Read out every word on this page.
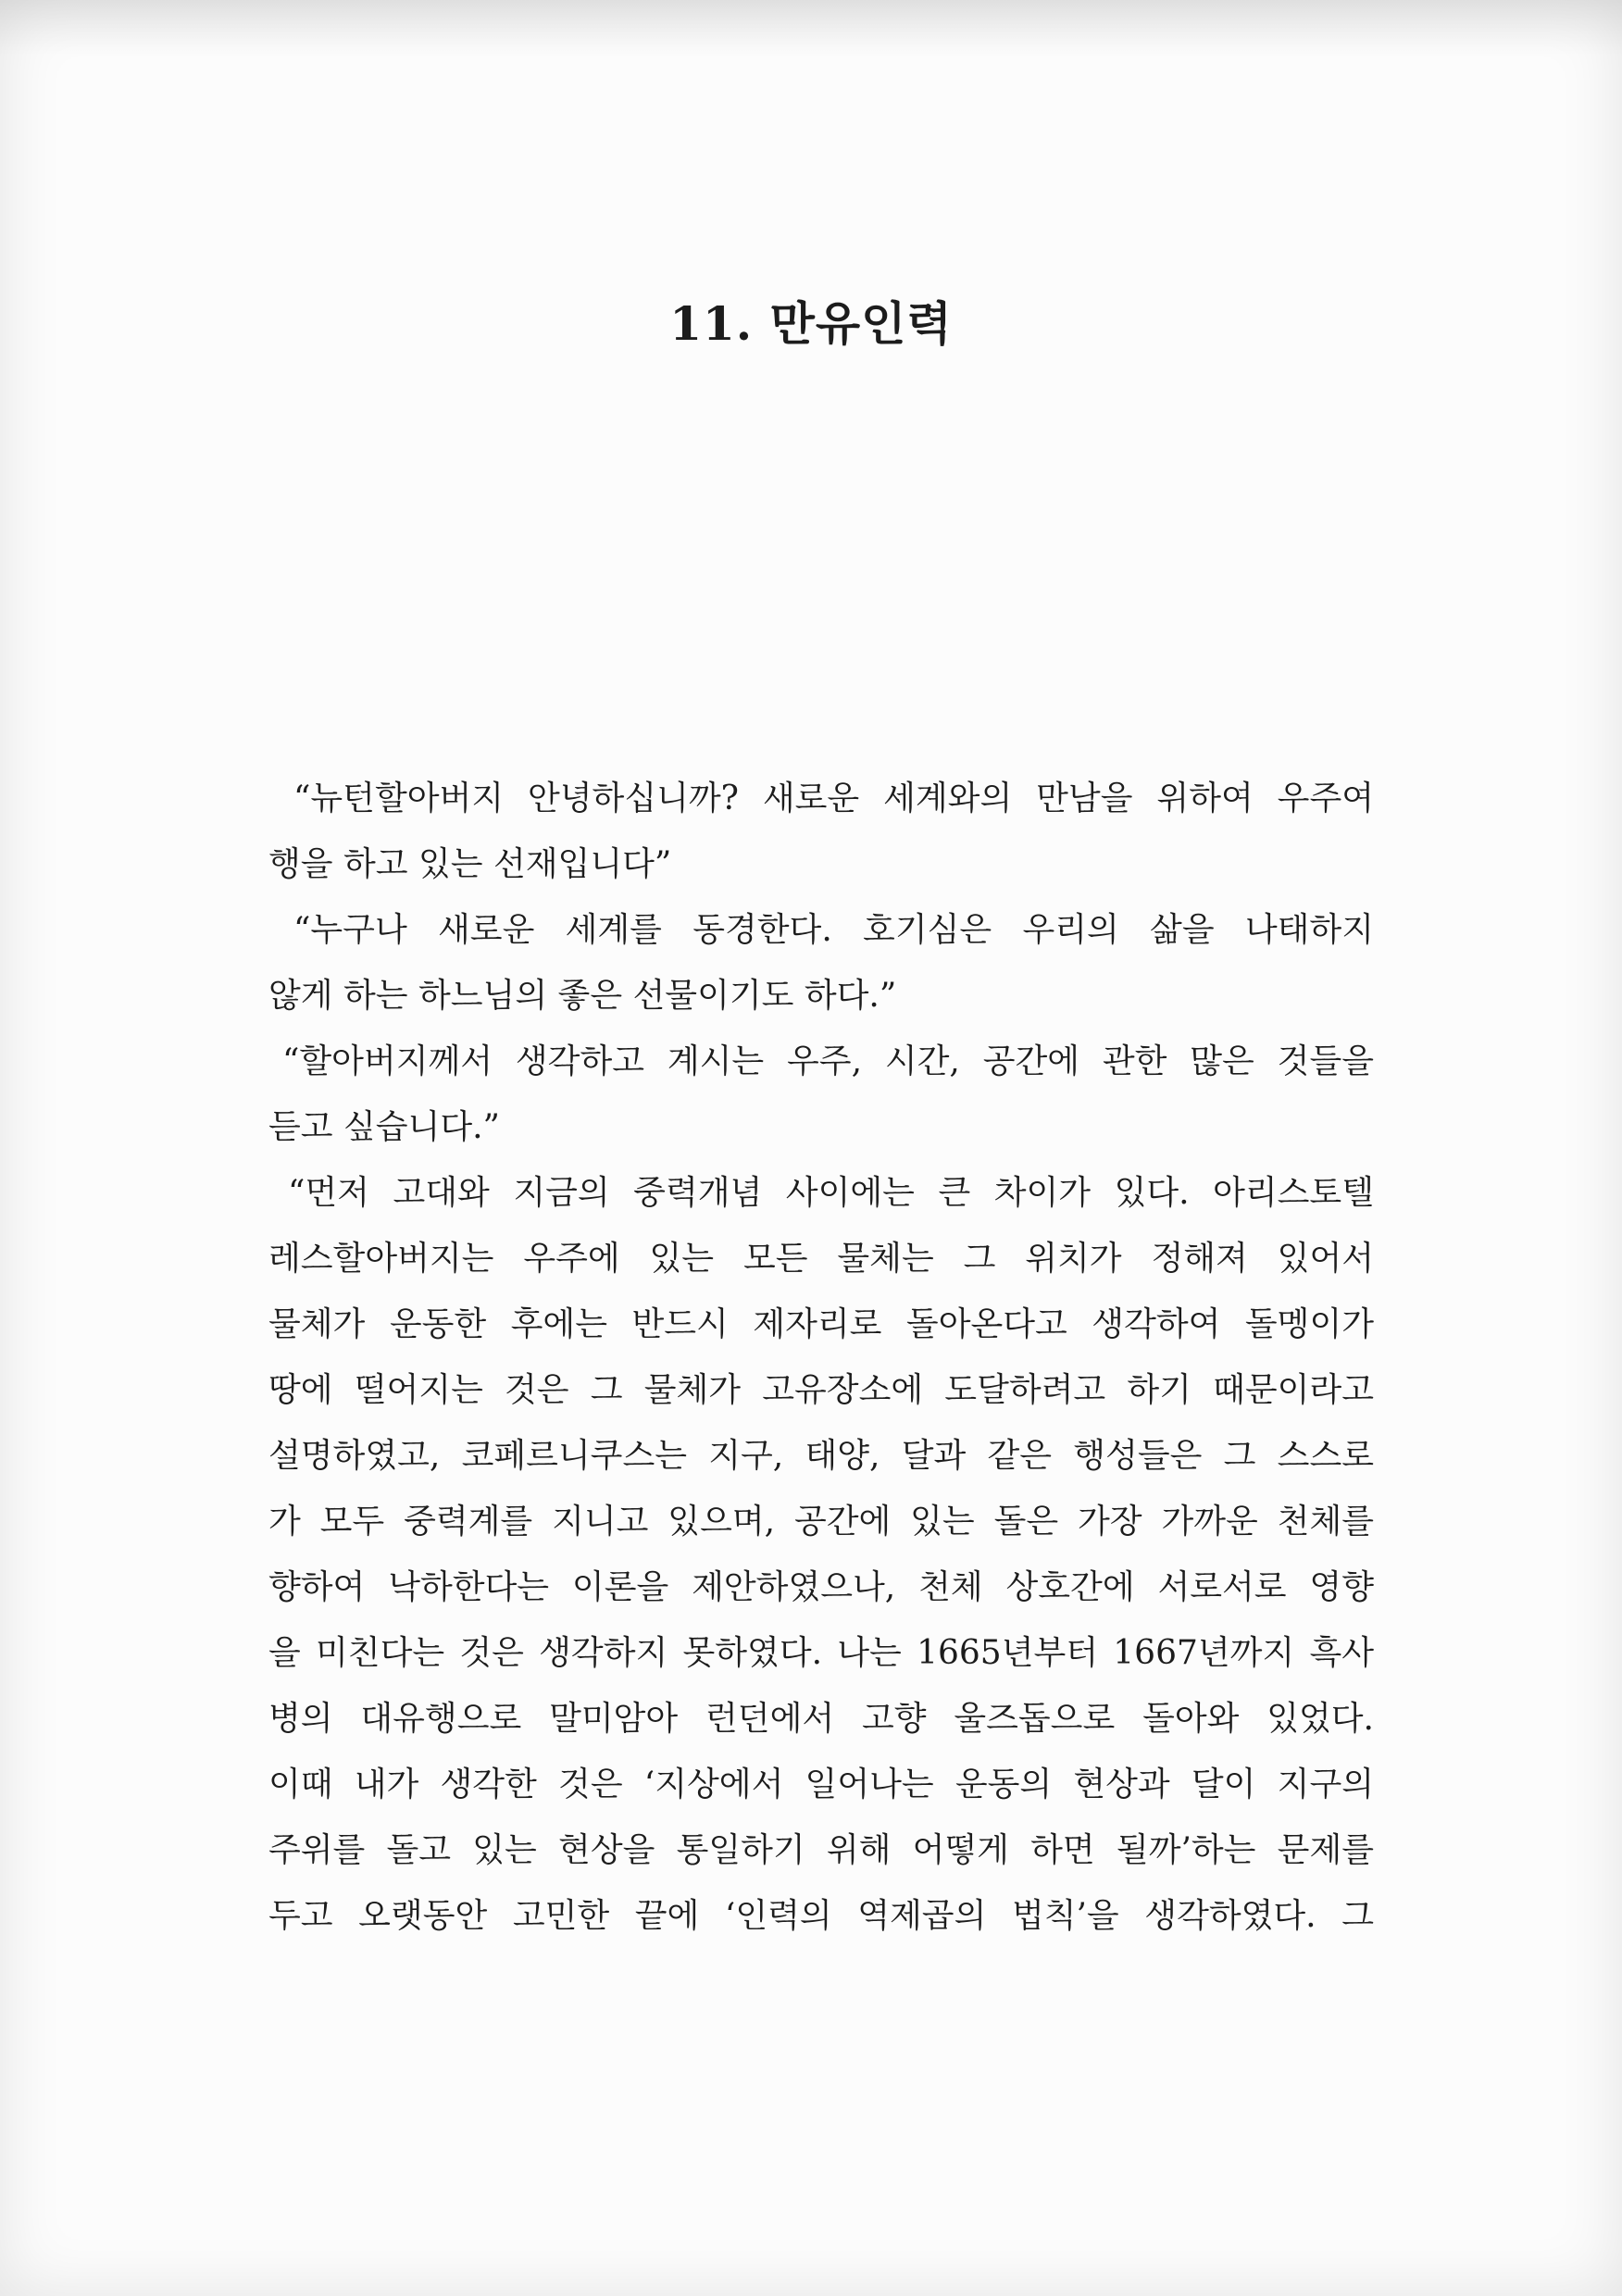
11. 만유인력
“뉴턴할아버지 안녕하십니까? 새로운 세계와의 만남을 위하여 우주여
행을 하고 있는 선재입니다”
“누구나 새로운 세계를 동경한다. 호기심은 우리의 삶을 나태하지
않게 하는 하느님의 좋은 선물이기도 하다.”
“할아버지께서 생각하고 계시는 우주, 시간, 공간에 관한 많은 것들을
듣고 싶습니다.”
“먼저 고대와 지금의 중력개념 사이에는 큰 차이가 있다. 아리스토텔
레스할아버지는 우주에 있는 모든 물체는 그 위치가 정해져 있어서
물체가 운동한 후에는 반드시 제자리로 돌아온다고 생각하여 돌멩이가
땅에 떨어지는 것은 그 물체가 고유장소에 도달하려고 하기 때문이라고
설명하였고, 코페르니쿠스는 지구, 태양, 달과 같은 행성들은 그 스스로
가 모두 중력계를 지니고 있으며, 공간에 있는 돌은 가장 가까운 천체를
향하여 낙하한다는 이론을 제안하였으나, 천체 상호간에 서로서로 영향
을 미친다는 것은 생각하지 못하였다. 나는 1665년부터 1667년까지 흑사
병의 대유행으로 말미암아 런던에서 고향 울즈돕으로 돌아와 있었다.
이때 내가 생각한 것은 ‘지상에서 일어나는 운동의 현상과 달이 지구의
주위를 돌고 있는 현상을 통일하기 위해 어떻게 하면 될까’하는 문제를
두고 오랫동안 고민한 끝에 ‘인력의 역제곱의 법칙’을 생각하였다. 그
